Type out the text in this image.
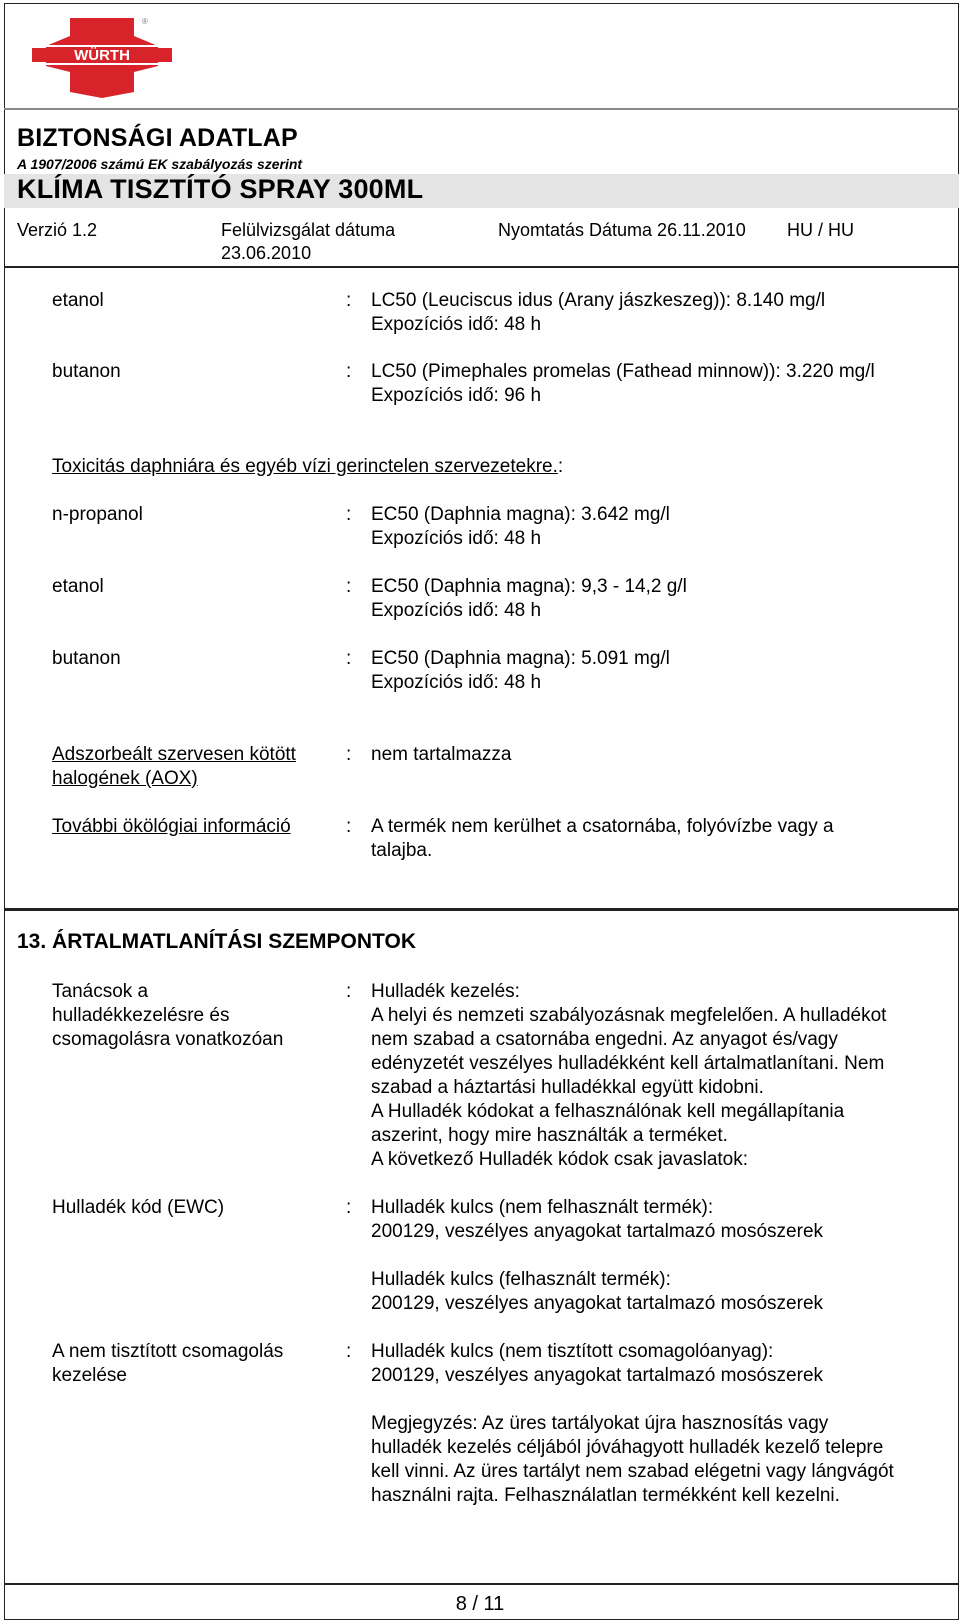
WÜRTH
®
BIZTONSÁGI ADATLAP
A 1907/2006 számú EK szabályozás szerint
KLÍMA TISZTÍTÓ SPRAY 300ML
Verzió 1.2	Felülvizsgálat dátuma
23.06.2010
Nyomtatás Dátuma 26.11.2010 HU / HU
etanol	: LC50 (Leuciscus idus (Arany jászkeszeg)): 8.140 mg/l
Expozíciós idő: 48 h
butanon	: LC50 (Pimephales promelas (Fathead minnow)): 3.220 mg/l
Expozíciós idő: 96 h
Toxicitás daphniára és egyéb vízi gerinctelen szervezetekre.:
n-propanol	: EC50 (Daphnia magna): 3.642 mg/l
Expozíciós idő: 48 h
etanol	: EC50 (Daphnia magna): 9,3 - 14,2 g/l
Expozíciós idő: 48 h
butanon	: EC50 (Daphnia magna): 5.091 mg/l
Expozíciós idő: 48 h
Adszorbeált szervesen kötött
halogének (AOX)
: nem tartalmazza
További ökölógiai információ	: A termék nem kerülhet a csatornába, folyóvízbe vagy a
talajba.
13. ÁRTALMATLANÍTÁSI SZEMPONTOK
Tanácsok a
hulladékkezelésre és
csomagolásra vonatkozóan
: Hulladék kezelés:
A helyi és nemzeti szabályozásnak megfelelően. A hulladékot
nem szabad a csatornába engedni. Az anyagot és/vagy
edényzetét veszélyes hulladékként kell ártalmatlanítani. Nem
szabad a háztartási hulladékkal együtt kidobni.
A Hulladék kódokat a felhasználónak kell megállapítania
aszerint, hogy mire használták a terméket.
A következő Hulladék kódok csak javaslatok:
Hulladék kód (EWC)	: Hulladék kulcs (nem felhasznált termék):
200129, veszélyes anyagokat tartalmazó mosószerek
Hulladék kulcs (felhasznált termék):
200129, veszélyes anyagokat tartalmazó mosószerek
A nem tisztított csomagolás
kezelése
: Hulladék kulcs (nem tisztított csomagolóanyag):
200129, veszélyes anyagokat tartalmazó mosószerek
Megjegyzés: Az üres tartályokat újra hasznosítás vagy
hulladék kezelés céljából jóváhagyott hulladék kezelő telepre
kell vinni. Az üres tartályt nem szabad elégetni vagy lángvágót
használni rajta. Felhasználatlan termékként kell kezelni.
8 / 11
